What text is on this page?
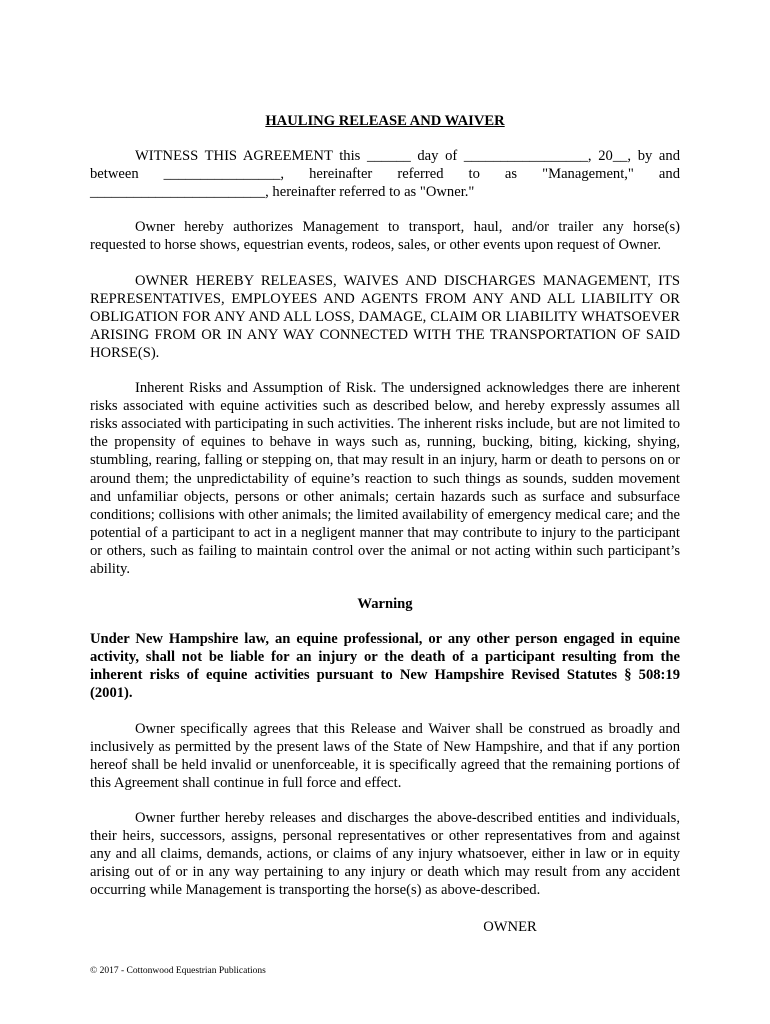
HAULING RELEASE AND WAIVER

WITNESS THIS AGREEMENT this ______ day of _________________, 20__, by and

between ________________, hereinafter referred to as "Management," and

________________________, hereinafter referred to as "Owner."

Owner hereby authorizes Management to transport, haul, and/or trailer any horse(s) requested to horse shows, equestrian events, rodeos, sales, or other events upon request of Owner.

OWNER HEREBY RELEASES, WAIVES AND DISCHARGES MANAGEMENT, ITS REPRESENTATIVES, EMPLOYEES AND AGENTS FROM ANY AND ALL LIABILITY OR OBLIGATION FOR ANY AND ALL LOSS, DAMAGE, CLAIM OR LIABILITY WHATSOEVER ARISING FROM OR IN ANY WAY CONNECTED WITH THE TRANSPORTATION OF SAID HORSE(S).

Inherent Risks and Assumption of Risk. The undersigned acknowledges there are inherent risks associated with equine activities such as described below, and hereby expressly assumes all risks associated with participating in such activities. The inherent risks include, but are not limited to the propensity of equines to behave in ways such as, running, bucking, biting, kicking, shying, stumbling, rearing, falling or stepping on, that may result in an injury, harm or death to persons on or around them; the unpredictability of equine’s reaction to such things as sounds, sudden movement and unfamiliar objects, persons or other animals; certain hazards such as surface and subsurface conditions; collisions with other animals; the limited availability of emergency medical care; and the potential of a participant to act in a negligent manner that may contribute to injury to the participant or others, such as failing to maintain control over the animal or not acting within such participant’s ability.

Warning

Under New Hampshire law, an equine professional, or any other person engaged in equine activity, shall not be liable for an injury or the death of a participant resulting from the inherent risks of equine activities pursuant to New Hampshire Revised Statutes § 508:19 (2001).

Owner specifically agrees that this Release and Waiver shall be construed as broadly and inclusively as permitted by the present laws of the State of New Hampshire, and that if any portion hereof shall be held invalid or unenforceable, it is specifically agreed that the remaining portions of this Agreement shall continue in full force and effect.

Owner further hereby releases and discharges the above-described entities and individuals, their heirs, successors, assigns, personal representatives or other representatives from and against any and all claims, demands, actions, or claims of any injury whatsoever, either in law or in equity arising out of or in any way pertaining to any injury or death which may result from any accident occurring while Management is transporting the horse(s) as above-described.

OWNER

© 2017 - Cottonwood Equestrian Publications
